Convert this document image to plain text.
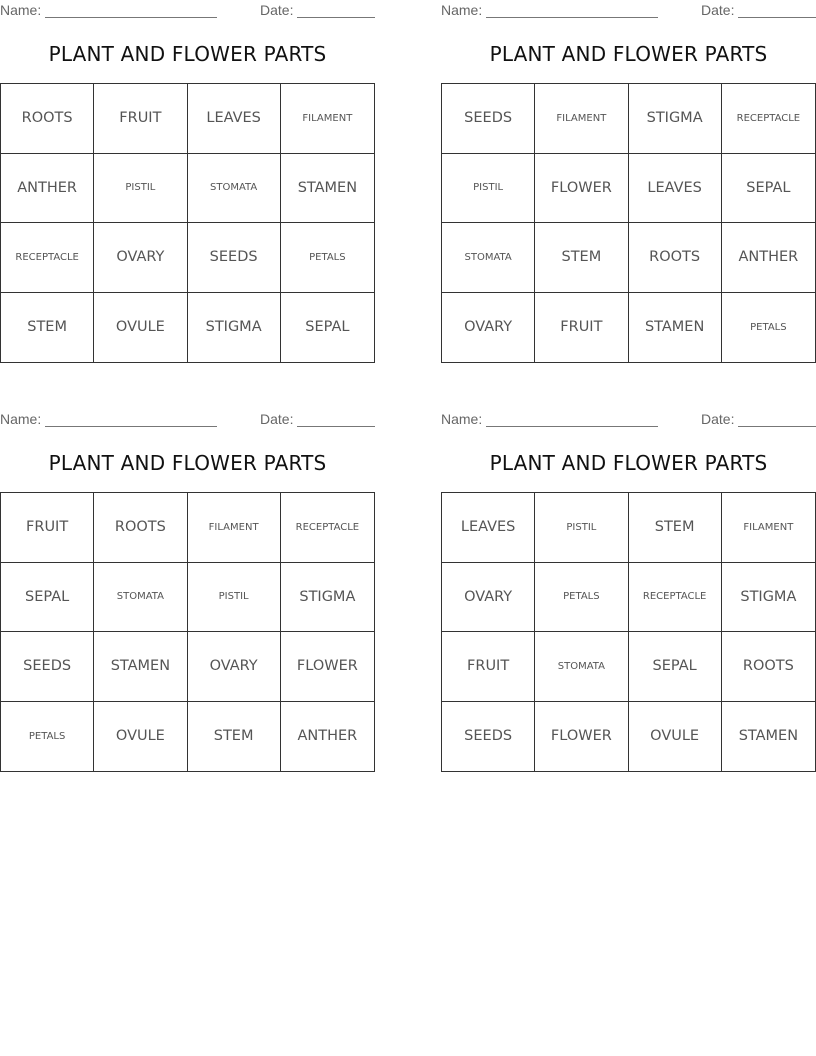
Name:	Date:
PLANT AND FLOWER PARTS
ROOTS	FRUIT	LEAVES	FILAMENT
ANTHER	PISTIL	STOMATA	STAMEN
RECEPTACLE	OVARY	SEEDS	PETALS
STEM	OVULE	STIGMA	SEPAL
Name:	Date:
PLANT AND FLOWER PARTS
SEEDS	FILAMENT	STIGMA	RECEPTACLE
PISTIL	FLOWER	LEAVES	SEPAL
STOMATA	STEM	ROOTS	ANTHER
OVARY	FRUIT	STAMEN	PETALS
Name:	Date:
PLANT AND FLOWER PARTS
FRUIT	ROOTS	FILAMENT	RECEPTACLE
SEPAL	STOMATA	PISTIL	STIGMA
SEEDS	STAMEN	OVARY	FLOWER
PETALS	OVULE	STEM	ANTHER
Name:	Date:
PLANT AND FLOWER PARTS
LEAVES	PISTIL	STEM	FILAMENT
OVARY	PETALS	RECEPTACLE	STIGMA
FRUIT	STOMATA	SEPAL	ROOTS
SEEDS	FLOWER	OVULE	STAMEN
